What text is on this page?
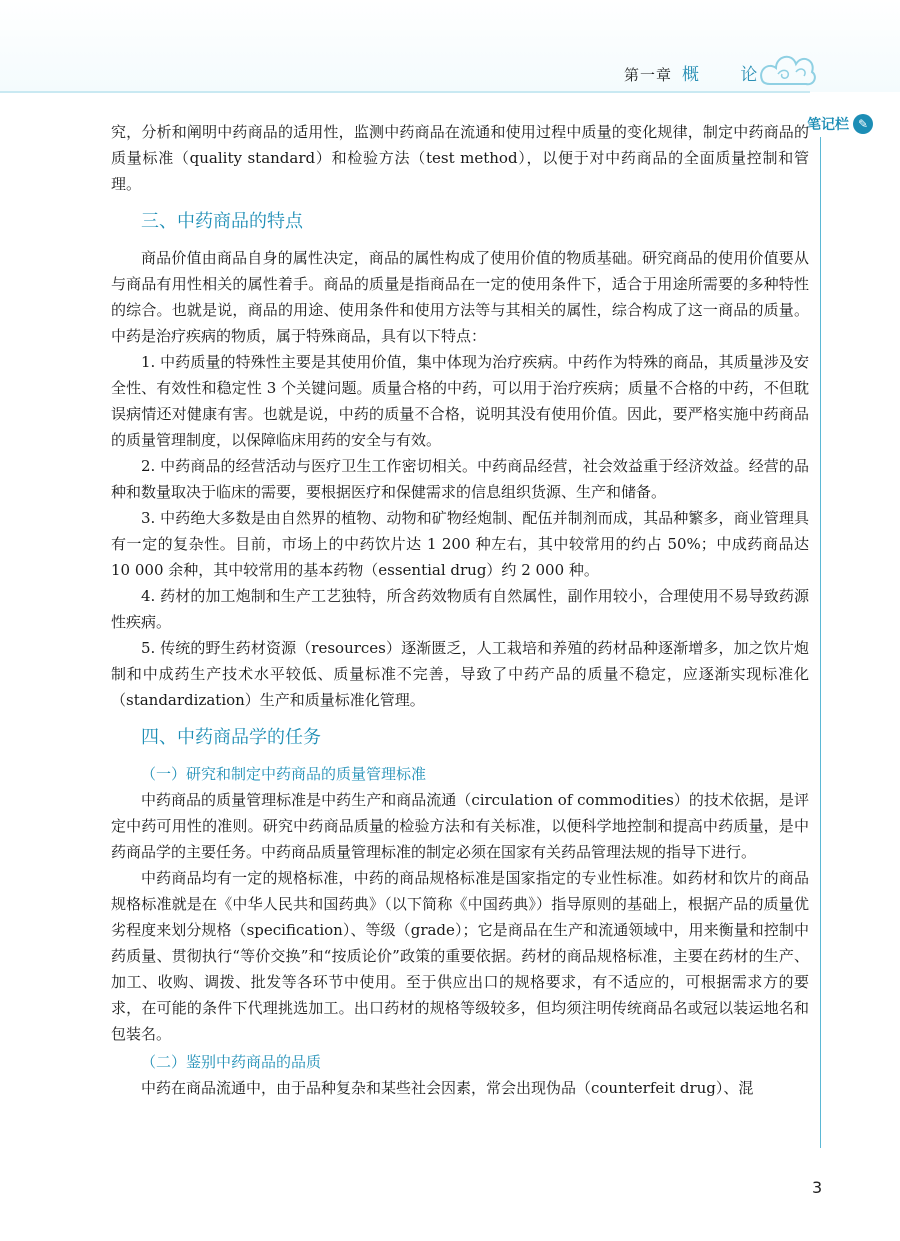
第一章 概 论
笔记栏 ✎

究，分析和阐明中药商品的适用性，监测中药商品在流通和使用过程中质量的变化规律，制定中药商品的质量标准（quality standard）和检验方法（test method），以便于对中药商品的全面质量控制和管理。

三、中药商品的特点

商品价值由商品自身的属性决定，商品的属性构成了使用价值的物质基础。研究商品的使用价值要从与商品有用性相关的属性着手。商品的质量是指商品在一定的使用条件下，适合于用途所需要的多种特性的综合。也就是说，商品的用途、使用条件和使用方法等与其相关的属性，综合构成了这一商品的质量。中药是治疗疾病的物质，属于特殊商品，具有以下特点：

1. 中药质量的特殊性主要是其使用价值，集中体现为治疗疾病。中药作为特殊的商品，其质量涉及安全性、有效性和稳定性 3 个关键问题。质量合格的中药，可以用于治疗疾病；质量不合格的中药，不但耽误病情还对健康有害。也就是说，中药的质量不合格，说明其没有使用价值。因此，要严格实施中药商品的质量管理制度，以保障临床用药的安全与有效。

2. 中药商品的经营活动与医疗卫生工作密切相关。中药商品经营，社会效益重于经济效益。经营的品种和数量取决于临床的需要，要根据医疗和保健需求的信息组织货源、生产和储备。

3. 中药绝大多数是由自然界的植物、动物和矿物经炮制、配伍并制剂而成，其品种繁多，商业管理具有一定的复杂性。目前，市场上的中药饮片达 1 200 种左右，其中较常用的约占 50%；中成药商品达 10 000 余种，其中较常用的基本药物（essential drug）约 2 000 种。

4. 药材的加工炮制和生产工艺独特，所含药效物质有自然属性，副作用较小，合理使用不易导致药源性疾病。

5. 传统的野生药材资源（resources）逐渐匮乏，人工栽培和养殖的药材品种逐渐增多，加之饮片炮制和中成药生产技术水平较低、质量标准不完善，导致了中药产品的质量不稳定，应逐渐实现标准化（standardization）生产和质量标准化管理。

四、中药商品学的任务
（一）研究和制定中药商品的质量管理标准

中药商品的质量管理标准是中药生产和商品流通（circulation of commodities）的技术依据，是评定中药可用性的准则。研究中药商品质量的检验方法和有关标准，以便科学地控制和提高中药质量，是中药商品学的主要任务。中药商品质量管理标准的制定必须在国家有关药品管理法规的指导下进行。

中药商品均有一定的规格标准，中药的商品规格标准是国家指定的专业性标准。如药材和饮片的商品规格标准就是在《中华人民共和国药典》（以下简称《中国药典》）指导原则的基础上，根据产品的质量优劣程度来划分规格（specification）、等级（grade）；它是商品在生产和流通领域中，用来衡量和控制中药质量、贯彻执行“等价交换”和“按质论价”政策的重要依据。药材的商品规格标准，主要在药材的生产、加工、收购、调拨、批发等各环节中使用。至于供应出口的规格要求，有不适应的，可根据需求方的要求，在可能的条件下代理挑选加工。出口药材的规格等级较多，但均须注明传统商品名或冠以装运地名和包装名。

（二）鉴别中药商品的品质

中药在商品流通中，由于品种复杂和某些社会因素，常会出现伪品（counterfeit drug）、混

3
